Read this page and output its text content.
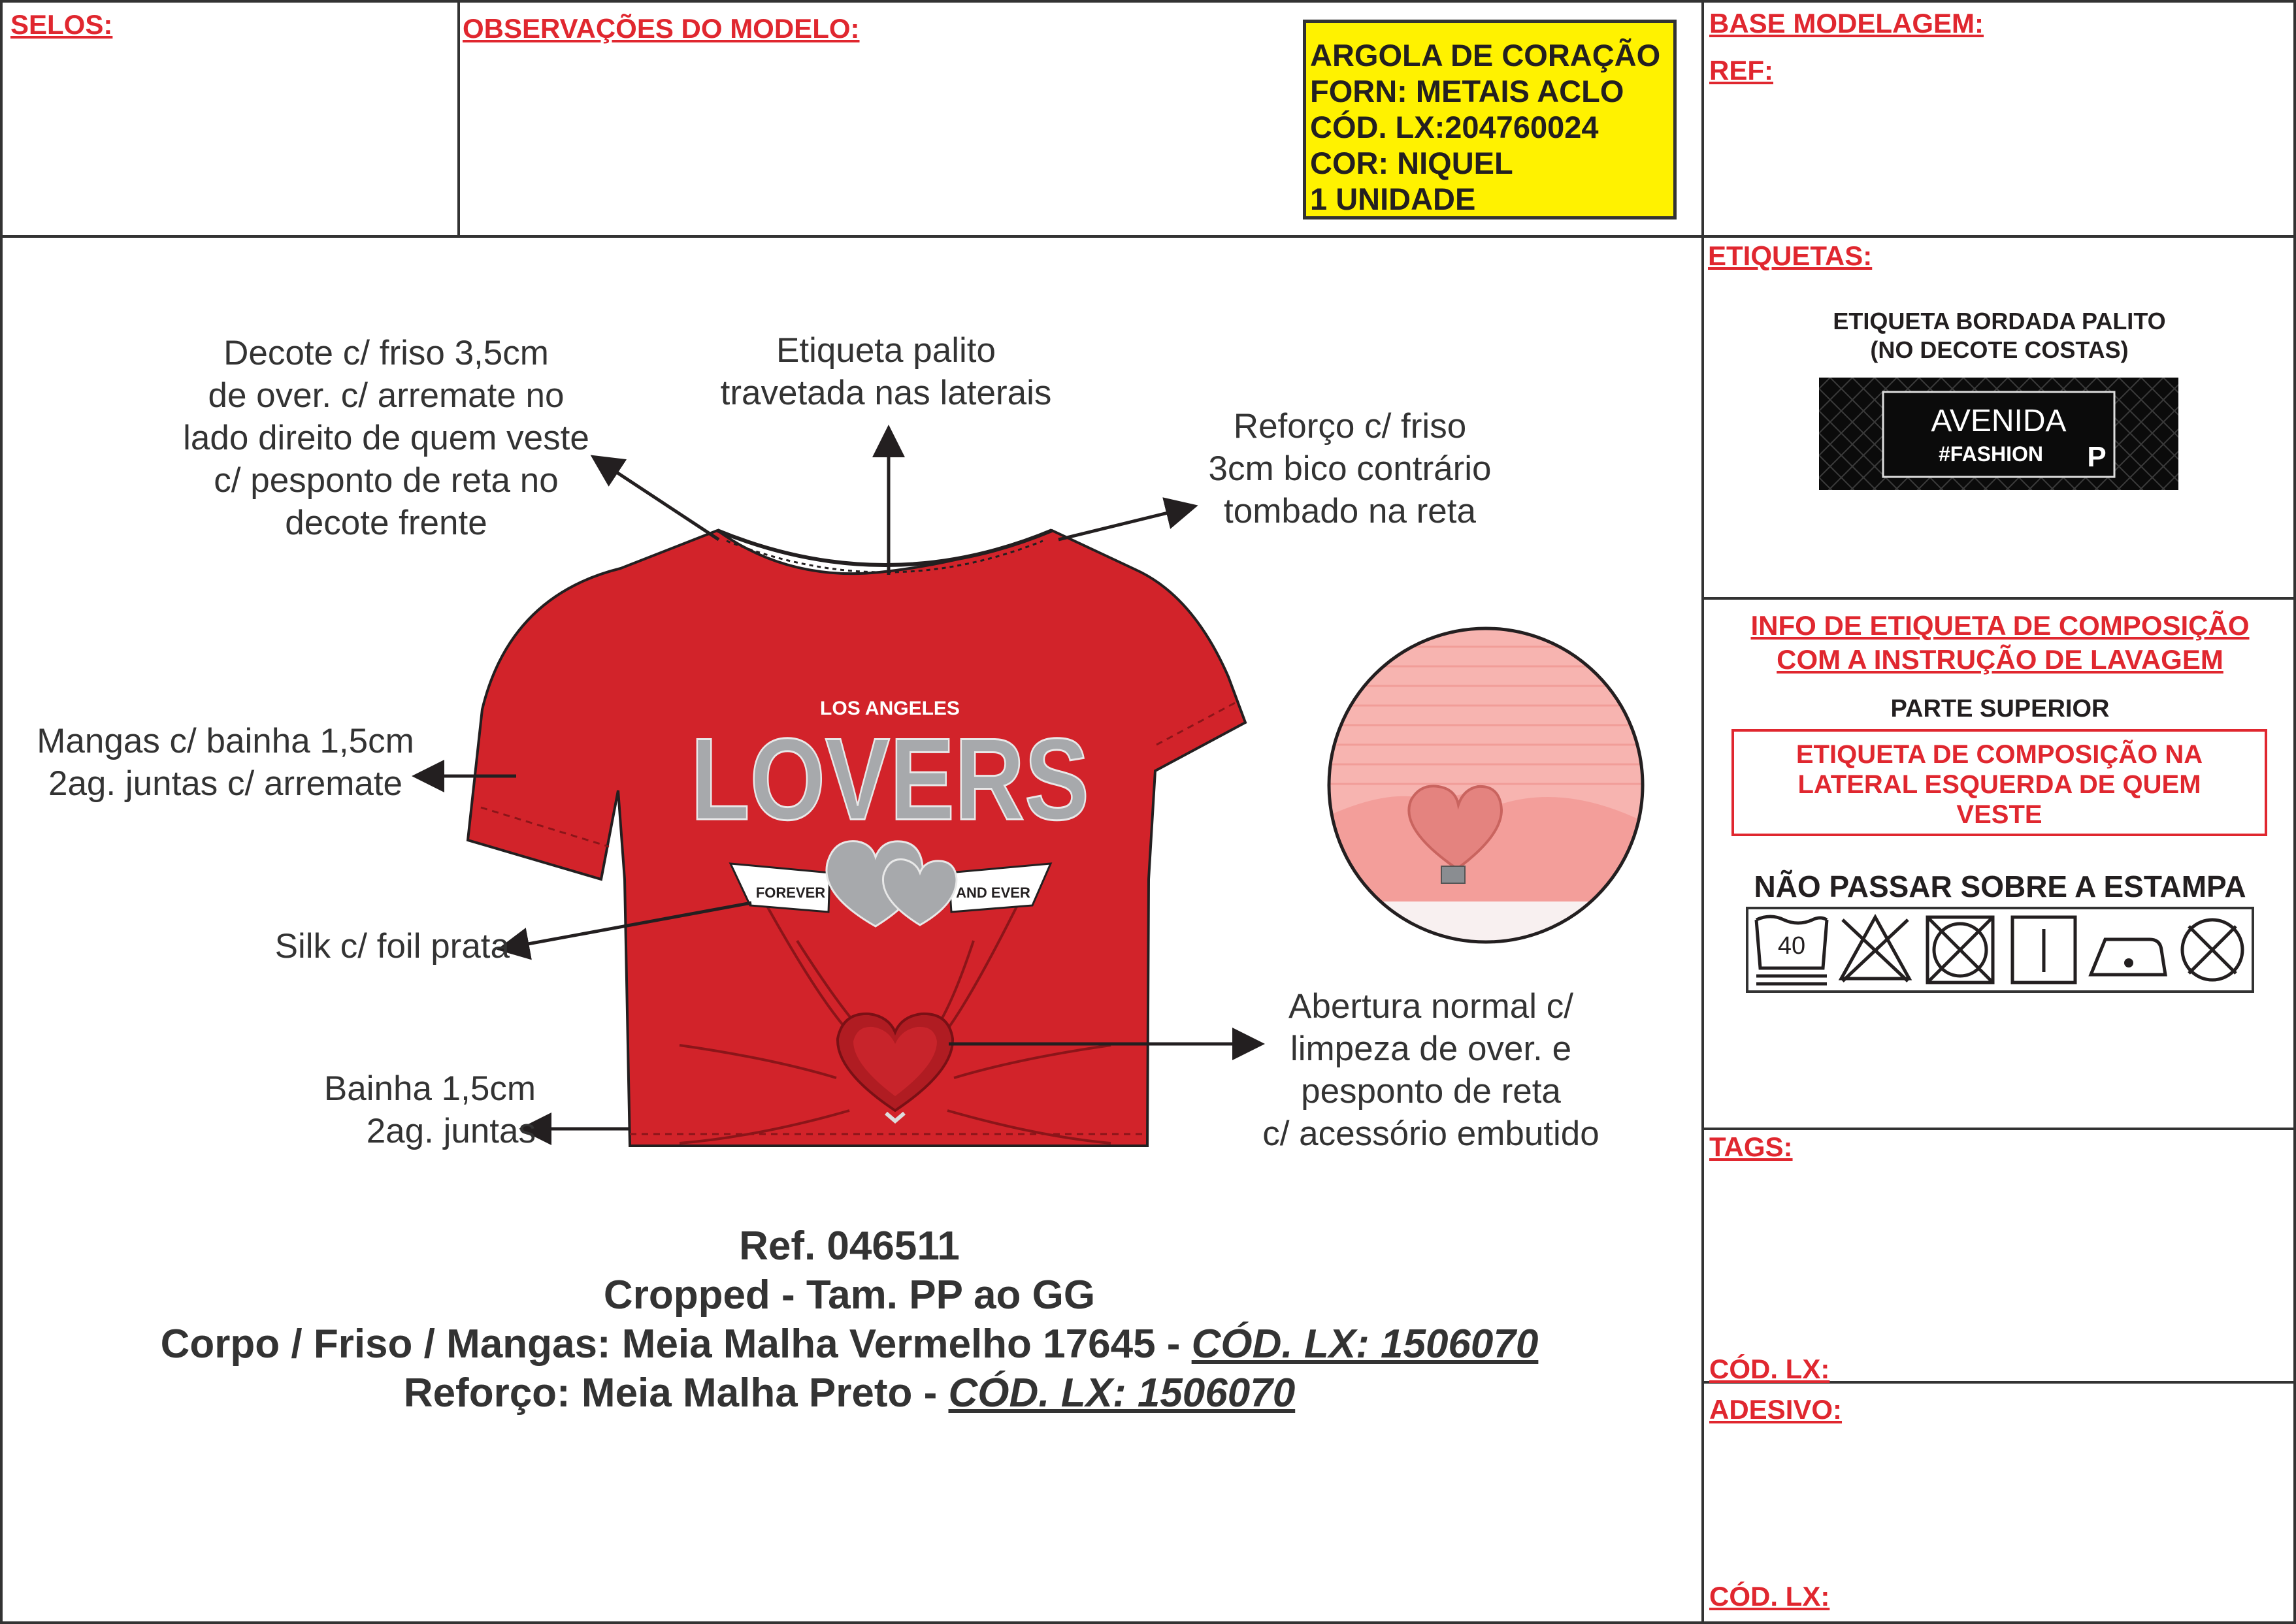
SELOS:	OBSERVAÇÕES DO MODELO:
ARGOLA DE CORAÇÃO
FORN: METAIS ACLO
CÓD. LX:204760024
COR: NIQUEL
1 UNIDADE
BASE MODELAGEM:
REF:
ETIQUETAS:
ETIQUETA BORDADA PALITO
(NO DECOTE COSTAS)
AVENIDA
#FASHION P
INFO DE ETIQUETA DE COMPOSIÇÃO
COM A INSTRUÇÃO DE LAVAGEM
PARTE SUPERIOR
ETIQUETA DE COMPOSIÇÃO NA
LATERAL ESQUERDA DE QUEM
VESTE
NÃO PASSAR SOBRE A ESTAMPA
40
TAGS:
CÓD. LX:
ADESIVO:
CÓD. LX:
LOS ANGELES
LOVERS
FOREVER	AND EVER
Decote c/ friso 3,5cm
de over. c/ arremate no
lado direito de quem veste
c/ pesponto de reta no
decote frente
Etiqueta palito
travetada nas laterais
Reforço c/ friso
3cm bico contrário
tombado na reta
Mangas c/ bainha 1,5cm
2ag. juntas c/ arremate
Silk c/ foil prata
Bainha 1,5cm
2ag. juntas
Abertura normal c/
limpeza de over. e
pesponto de reta
c/ acessório embutido
Ref. 046511
Cropped - Tam. PP ao GG
Corpo / Friso / Mangas: Meia Malha Vermelho 17645 - CÓD. LX: 1506070
Reforço: Meia Malha Preto - CÓD. LX: 1506070
